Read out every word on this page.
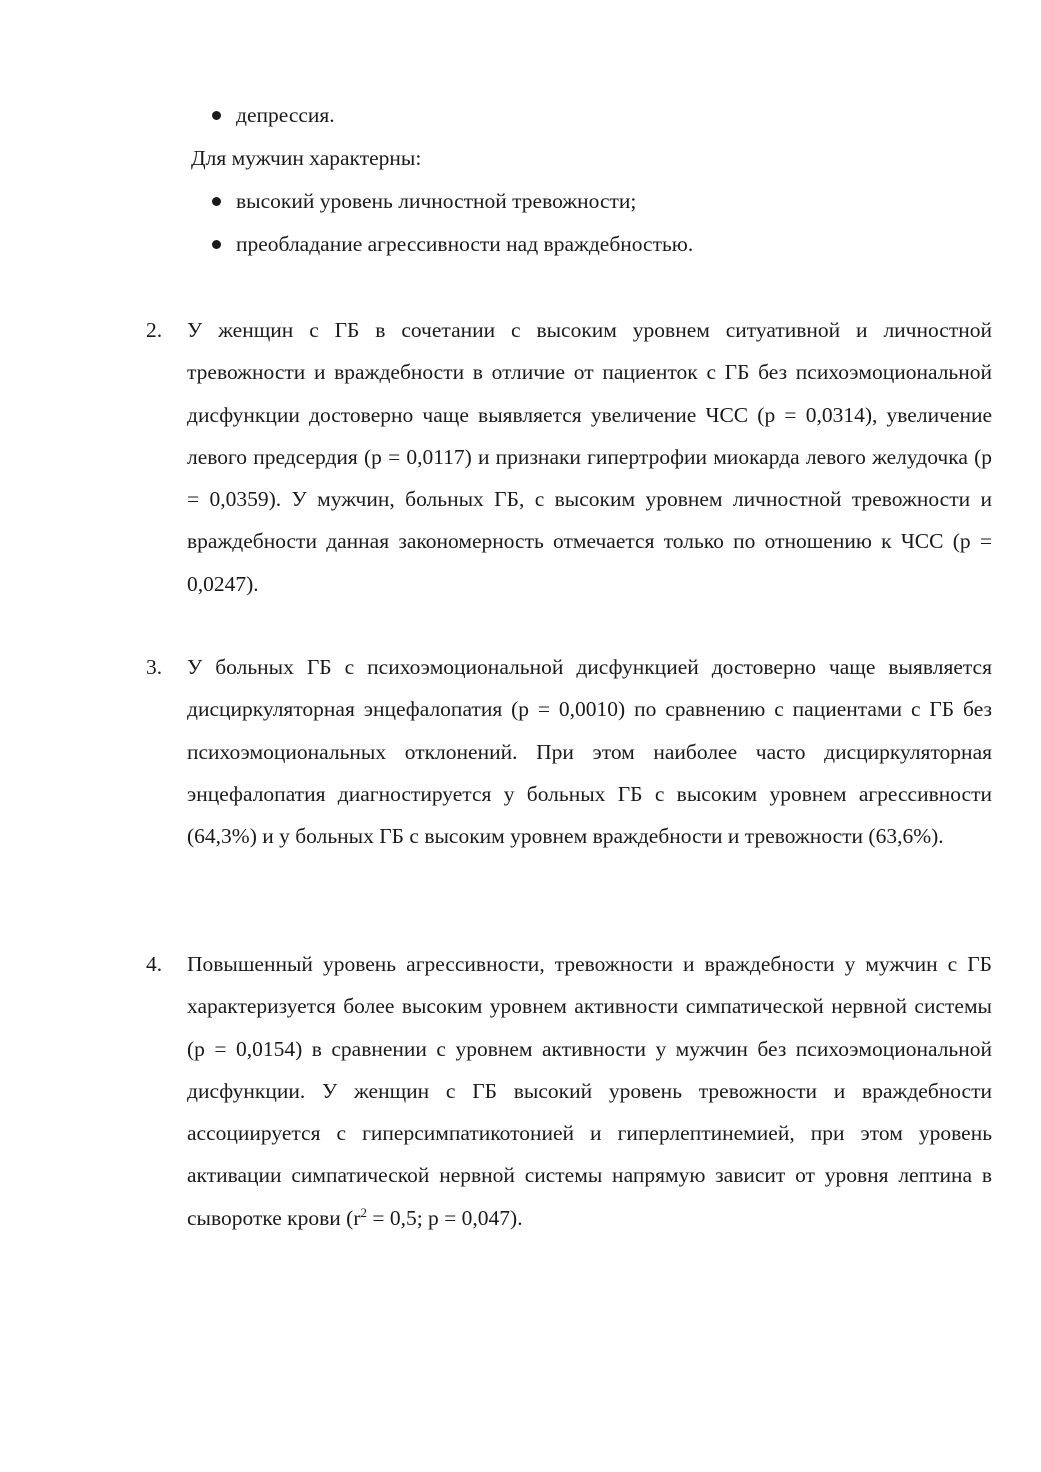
депрессия.
Для мужчин характерны:
высокий уровень личностной тревожности;
преобладание агрессивности над враждебностью.
2.	У женщин с ГБ в сочетании с высоким уровнем ситуативной и личностной тревожности и враждебности в отличие от пациенток с ГБ без психоэмоциональной дисфункции достоверно чаще выявляется увеличение ЧСС (р = 0,0314), увеличение левого предсердия (р = 0,0117) и признаки гипертрофии миокарда левого желудочка (р = 0,0359). У мужчин, больных ГБ, с высоким уровнем личностной тревожности и враждебности данная закономерность отмечается только по отношению к ЧСС (р = 0,0247).

3.	У больных ГБ с психоэмоциональной дисфункцией достоверно чаще выявляется дисциркуляторная энцефалопатия (р = 0,0010) по сравнению с пациентами с ГБ без психоэмоциональных отклонений. При этом наиболее часто дисциркуляторная энцефалопатия диагностируется у больных ГБ с высоким уровнем агрессивности (64,3%) и у больных ГБ с высоким уровнем враждебности и тревожности (63,6%).

4.	Повышенный уровень агрессивности, тревожности и враждебности у мужчин с ГБ характеризуется более высоким уровнем активности симпатической нервной системы (р = 0,0154) в сравнении с уровнем активности у мужчин без психоэмоциональной дисфункции. У женщин с ГБ высокий уровень тревожности и враждебности ассоциируется с гиперсимпатикотонией и гиперлептинемией, при этом уровень активации симпатической нервной системы напрямую зависит от уровня лептина в сыворотке крови ($r^2 = 0,5$; р = 0,047).
